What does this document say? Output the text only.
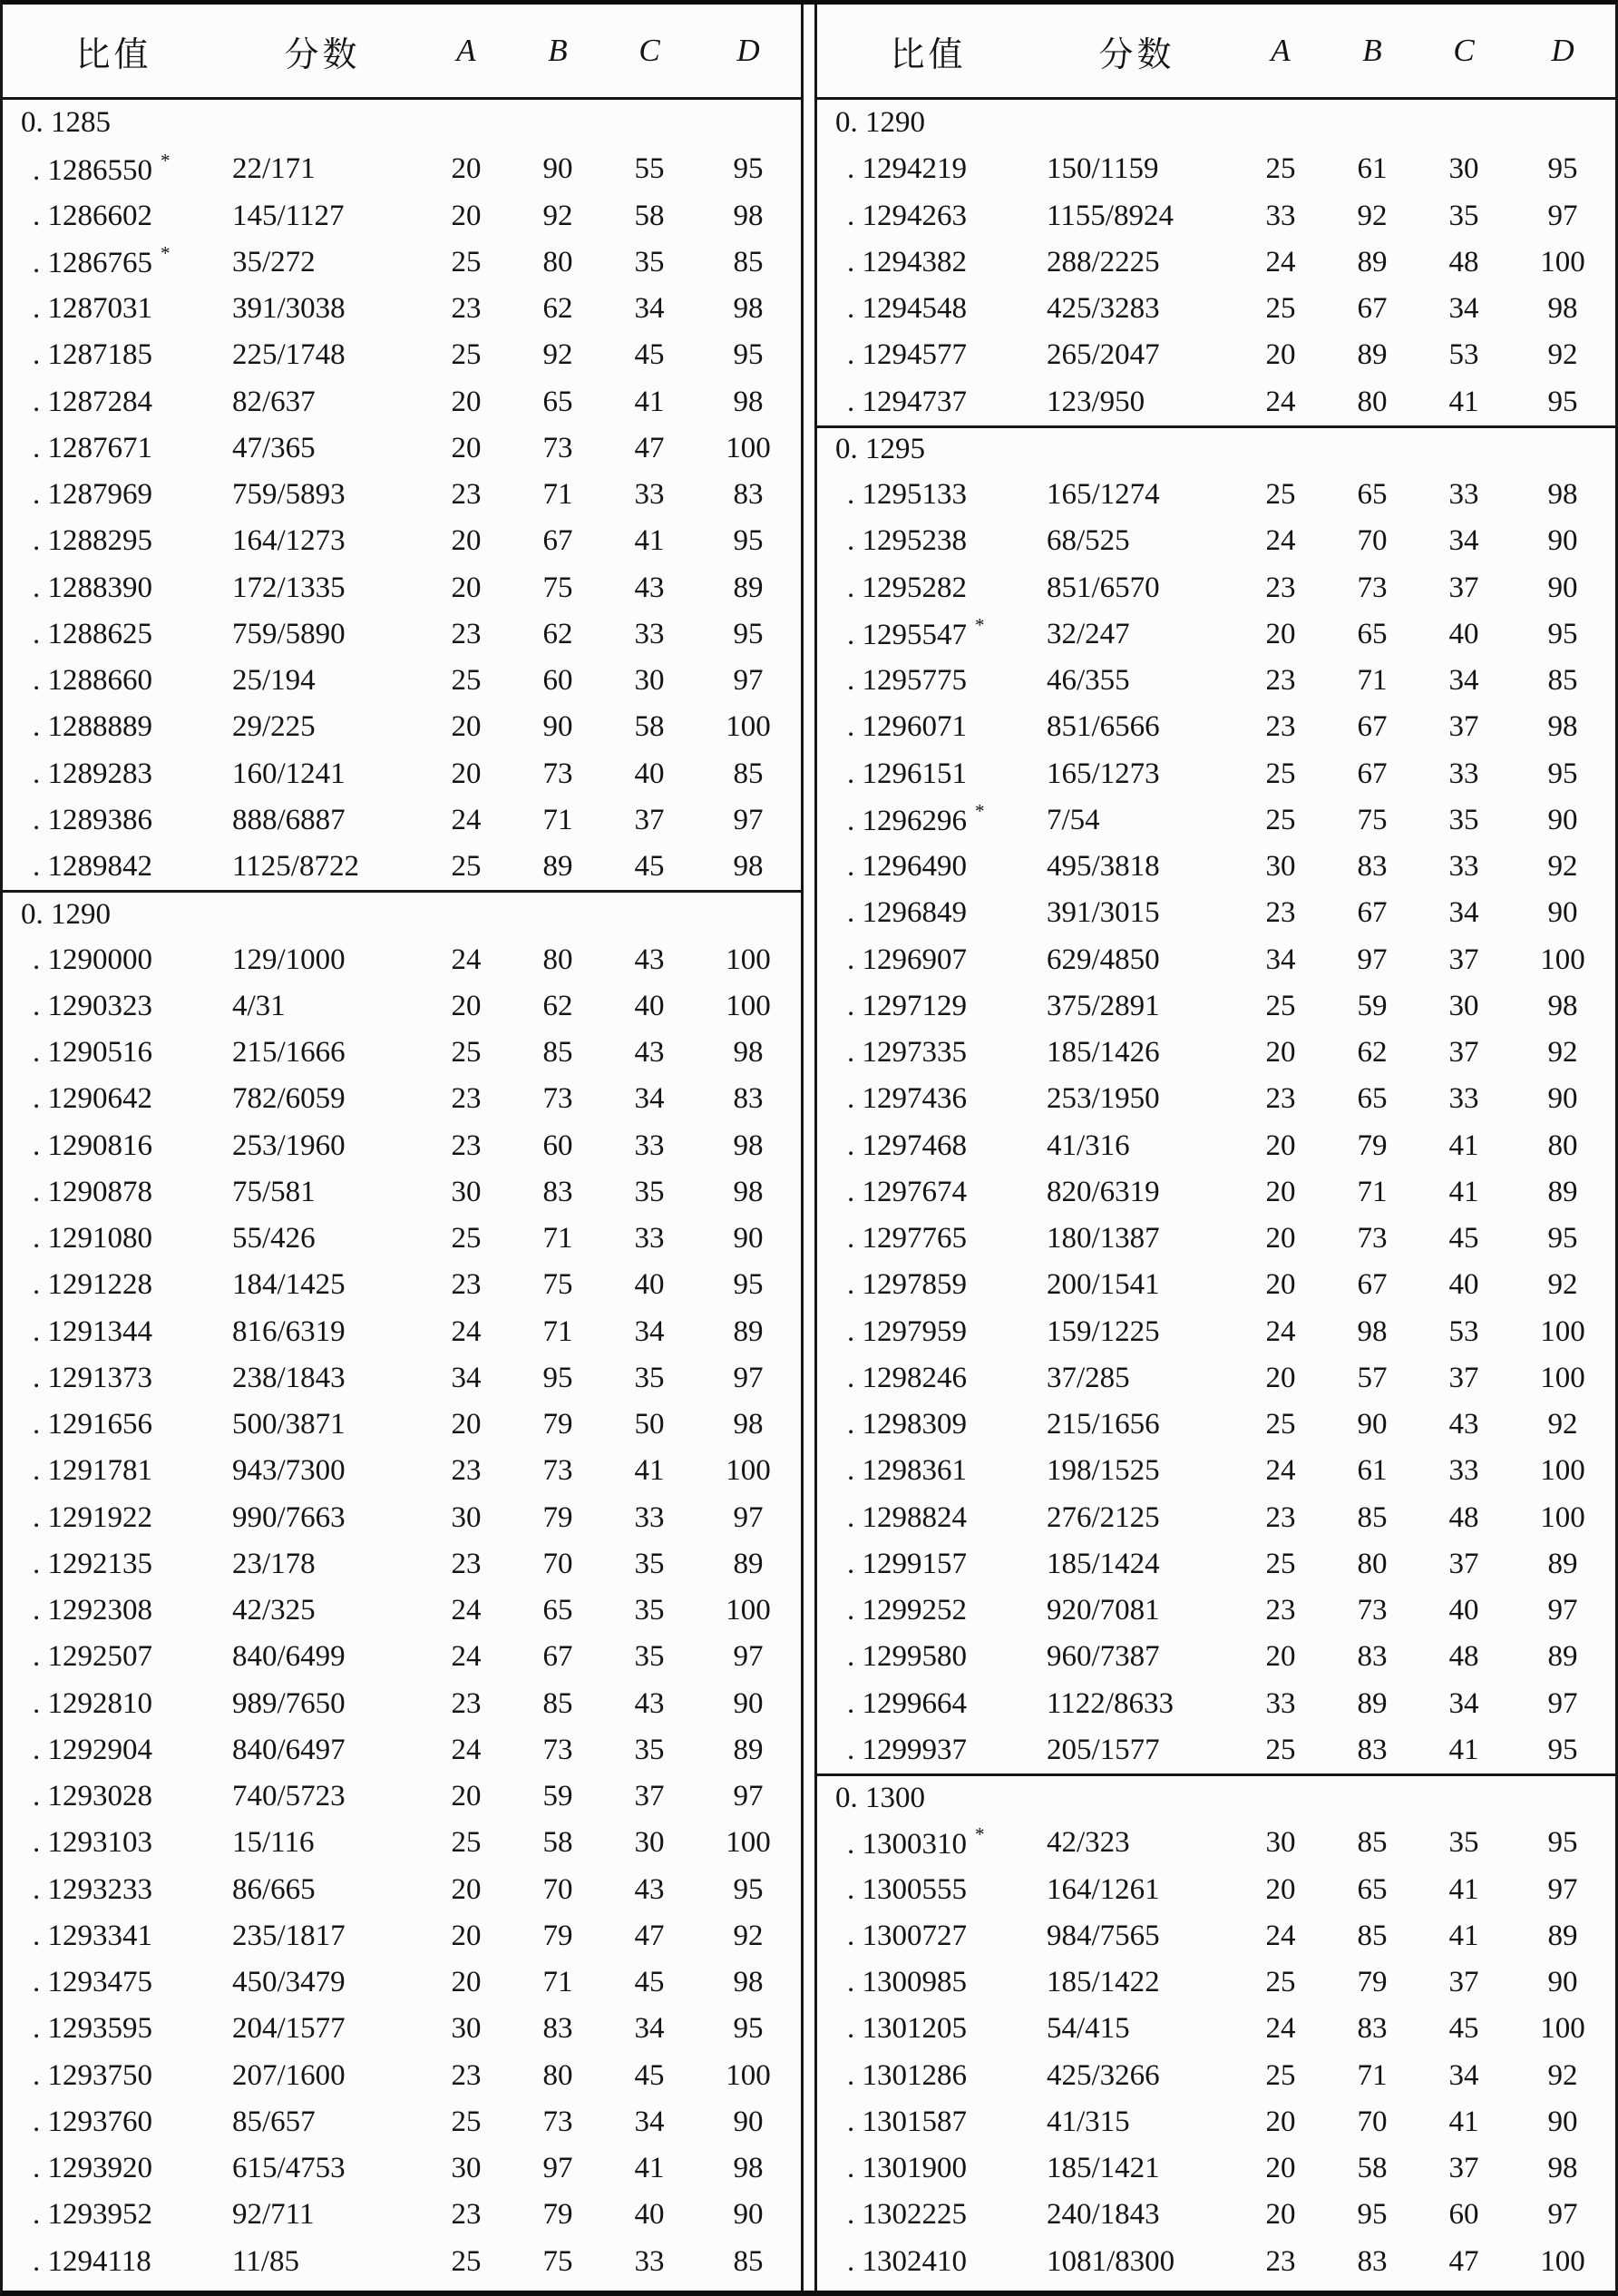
比值	分数	A	B	C	D
0. 1285
. 1286550 *	22/171	20	90	55	95
. 1286602	145/1127	20	92	58	98
. 1286765 *	35/272	25	80	35	85
. 1287031	391/3038	23	62	34	98
. 1287185	225/1748	25	92	45	95
. 1287284	82/637	20	65	41	98
. 1287671	47/365	20	73	47	100
. 1287969	759/5893	23	71	33	83
. 1288295	164/1273	20	67	41	95
. 1288390	172/1335	20	75	43	89
. 1288625	759/5890	23	62	33	95
. 1288660	25/194	25	60	30	97
. 1288889	29/225	20	90	58	100
. 1289283	160/1241	20	73	40	85
. 1289386	888/6887	24	71	37	97
. 1289842	1125/8722	25	89	45	98
0. 1290
. 1290000	129/1000	24	80	43	100
. 1290323	4/31	20	62	40	100
. 1290516	215/1666	25	85	43	98
. 1290642	782/6059	23	73	34	83
. 1290816	253/1960	23	60	33	98
. 1290878	75/581	30	83	35	98
. 1291080	55/426	25	71	33	90
. 1291228	184/1425	23	75	40	95
. 1291344	816/6319	24	71	34	89
. 1291373	238/1843	34	95	35	97
. 1291656	500/3871	20	79	50	98
. 1291781	943/7300	23	73	41	100
. 1291922	990/7663	30	79	33	97
. 1292135	23/178	23	70	35	89
. 1292308	42/325	24	65	35	100
. 1292507	840/6499	24	67	35	97
. 1292810	989/7650	23	85	43	90
. 1292904	840/6497	24	73	35	89
. 1293028	740/5723	20	59	37	97
. 1293103	15/116	25	58	30	100
. 1293233	86/665	20	70	43	95
. 1293341	235/1817	20	79	47	92
. 1293475	450/3479	20	71	45	98
. 1293595	204/1577	30	83	34	95
. 1293750	207/1600	23	80	45	100
. 1293760	85/657	25	73	34	90
. 1293920	615/4753	30	97	41	98
. 1293952	92/711	23	79	40	90
. 1294118	11/85	25	75	33	85
比值	分数	A	B	C	D
0. 1290
. 1294219	150/1159	25	61	30	95
. 1294263	1155/8924	33	92	35	97
. 1294382	288/2225	24	89	48	100
. 1294548	425/3283	25	67	34	98
. 1294577	265/2047	20	89	53	92
. 1294737	123/950	24	80	41	95
0. 1295
. 1295133	165/1274	25	65	33	98
. 1295238	68/525	24	70	34	90
. 1295282	851/6570	23	73	37	90
. 1295547 *	32/247	20	65	40	95
. 1295775	46/355	23	71	34	85
. 1296071	851/6566	23	67	37	98
. 1296151	165/1273	25	67	33	95
. 1296296 *	7/54	25	75	35	90
. 1296490	495/3818	30	83	33	92
. 1296849	391/3015	23	67	34	90
. 1296907	629/4850	34	97	37	100
. 1297129	375/2891	25	59	30	98
. 1297335	185/1426	20	62	37	92
. 1297436	253/1950	23	65	33	90
. 1297468	41/316	20	79	41	80
. 1297674	820/6319	20	71	41	89
. 1297765	180/1387	20	73	45	95
. 1297859	200/1541	20	67	40	92
. 1297959	159/1225	24	98	53	100
. 1298246	37/285	20	57	37	100
. 1298309	215/1656	25	90	43	92
. 1298361	198/1525	24	61	33	100
. 1298824	276/2125	23	85	48	100
. 1299157	185/1424	25	80	37	89
. 1299252	920/7081	23	73	40	97
. 1299580	960/7387	20	83	48	89
. 1299664	1122/8633	33	89	34	97
. 1299937	205/1577	25	83	41	95
0. 1300
. 1300310 *	42/323	30	85	35	95
. 1300555	164/1261	20	65	41	97
. 1300727	984/7565	24	85	41	89
. 1300985	185/1422	25	79	37	90
. 1301205	54/415	24	83	45	100
. 1301286	425/3266	25	71	34	92
. 1301587	41/315	20	70	41	90
. 1301900	185/1421	20	58	37	98
. 1302225	240/1843	20	95	60	97
. 1302410	1081/8300	23	83	47	100
